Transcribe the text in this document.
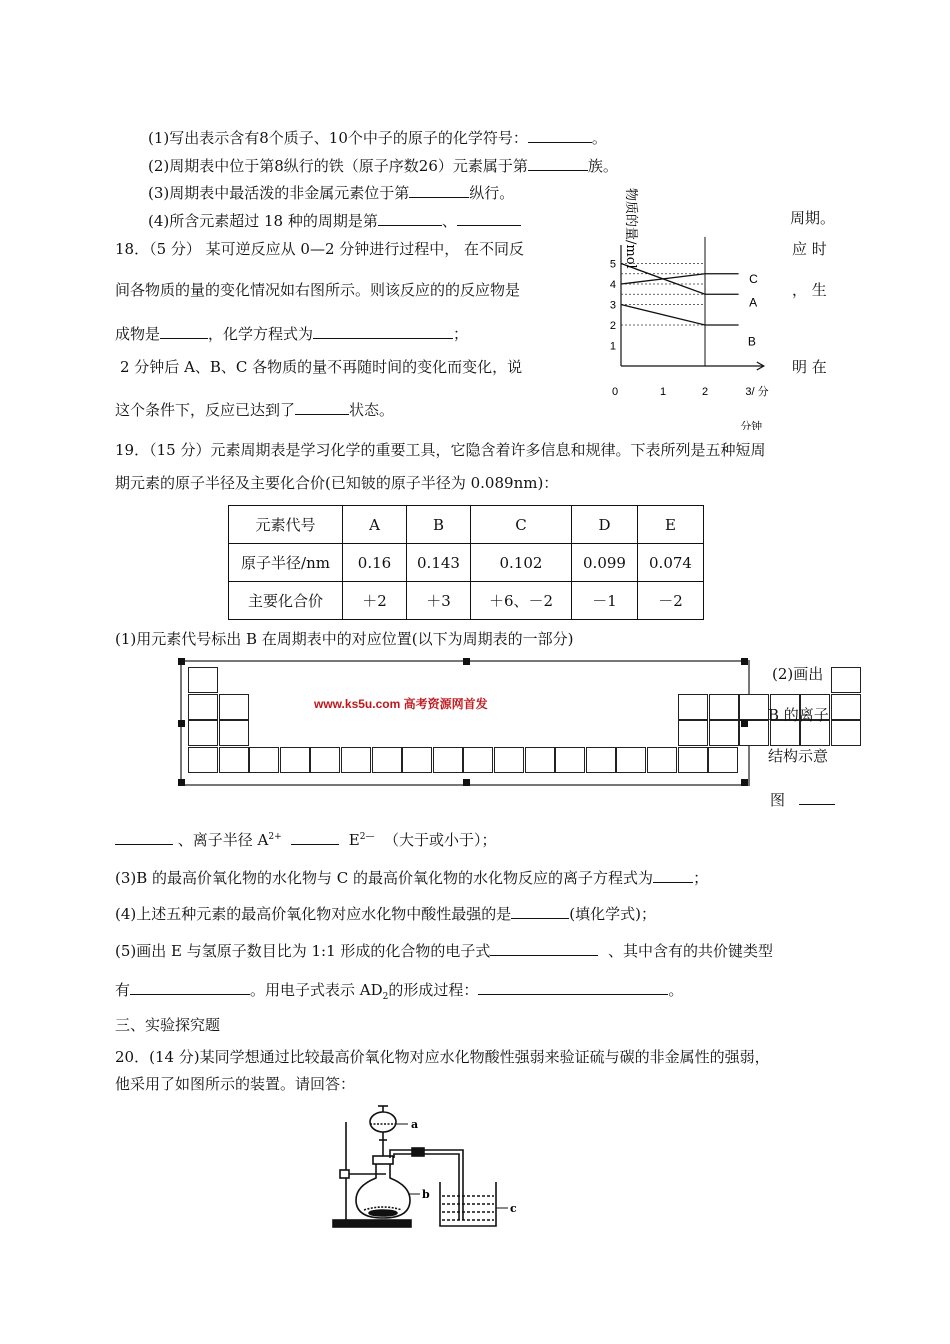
(1)写出表示含有8个质子、10个中子的原子的化学符号：	。
(2)周期表中位于第8纵行的铁（原子序数26）元素属于第	族。
(3)周期表中最活泼的非金属元素位于第	纵行。
(4)所含元素超过 18 种的周期是第	、	周期。
18．（5 分） 某可逆反应从 0—2 分钟进行过程中， 在不同反	应 时
间各物质的量的变化情况如右图所示。则该反应的的反应物是	， 生
成物是	，化学方程式为	；
2 分钟后 A、B、C 各物质的量不再随时间的变化而变化，说	明 在
这个条件下，反应已达到了	状态。
1
2
3
4
5
0	1	2	3/ 分
分钟
C
A
B
物质的量/mol
19．（15 分）元素周期表是学习化学的重要工具，它隐含着许多信息和规律。下表所列是五种短周
期元素的原子半径及主要化合价(已知铍的原子半径为 0.089nm)：
元素代号	A	B	C	D	E
原子半径/nm	0.16	0.143	0.102	0.099	0.074
主要化合价	＋2	＋3	＋6、－2	－1	－2
(1)用元素代号标出 B 在周期表中的对应位置(以下为周期表的一部分)
www.ks5u.com 高考资源网首发
(2)画出
B 的离子
结构示意
图
、离子半径 $A^{2+}$	$E^{2—}$ （大于或小于）；
(3)B 的最高价氧化物的水化物与 C 的最高价氧化物的水化物反应的离子方程式为	；
(4)上述五种元素的最高价氧化物对应水化物中酸性最强的是	(填化学式)；
(5)画出 E 与氢原子数目比为 1:1 形成的化合物的电子式	、其中含有的共价键类型
有	。用电子式表示 $AD_2$的形成过程：	。
三、实验探究题
20．(14 分)某同学想通过比较最高价氧化物对应水化物酸性强弱来验证硫与碳的非金属性的强弱，
他采用了如图所示的装置。请回答：
a
b
c
